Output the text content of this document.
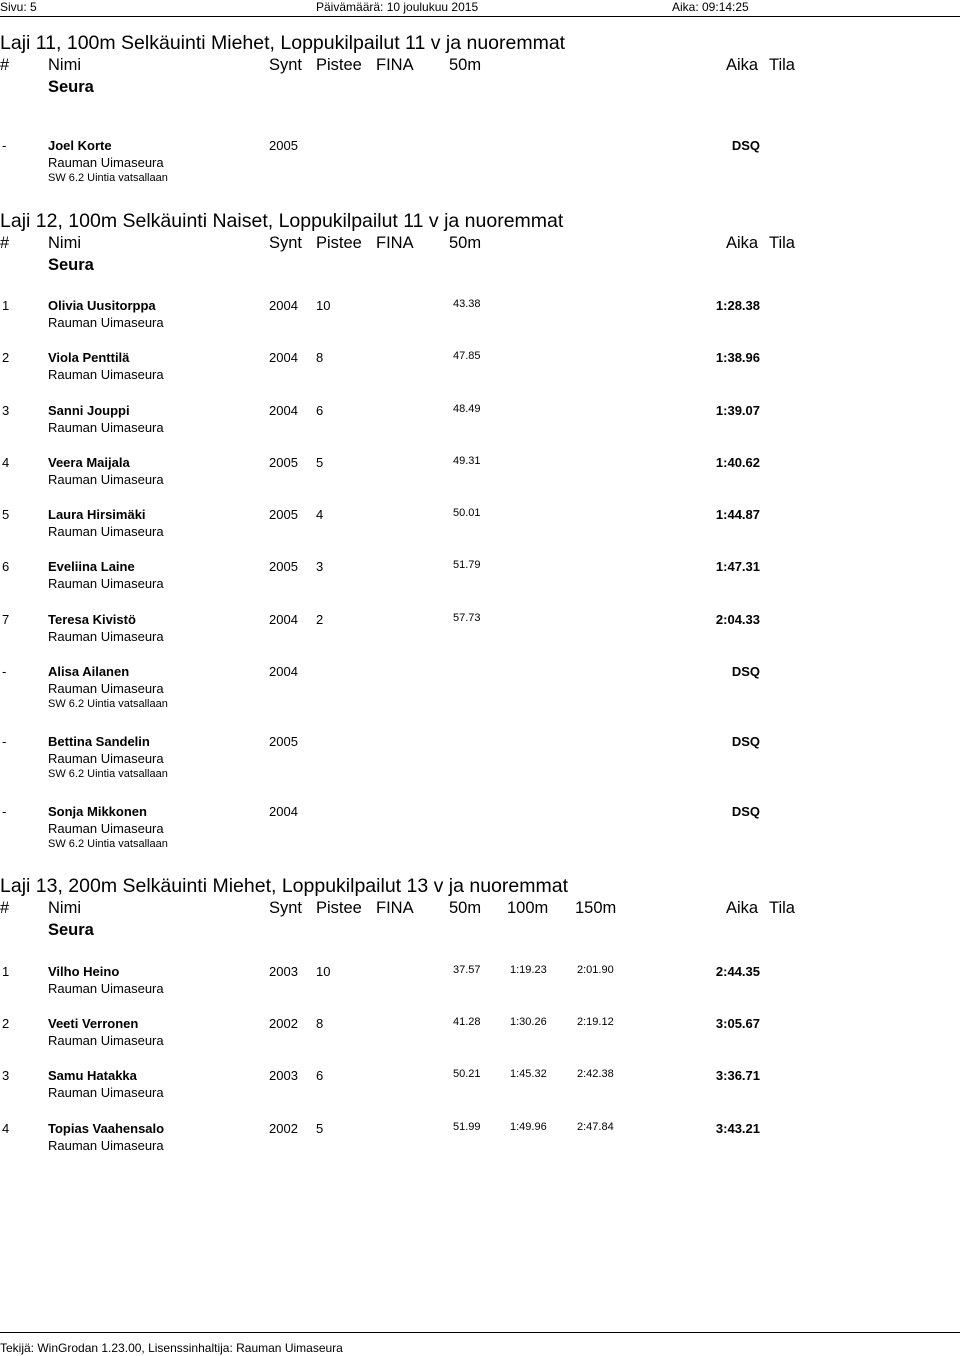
Sivu: 5	Päivämäärä: 10 joulukuu 2015	Aika: 09:14:25
Laji 11, 100m Selkäuinti Miehet, Loppukilpailut 11 v ja nuoremmat
# Nimi	Synt Pistee FINA 50m	Aika Tila
Seura
-	Joel Korte	2005	DSQ
Rauman Uimaseura
SW 6.2 Uintia vatsallaan
Laji 12, 100m Selkäuinti Naiset, Loppukilpailut 11 v ja nuoremmat
# Nimi	Synt Pistee FINA 50m	Aika Tila
Seura
1	Olivia Uusitorppa	2004 10	43.38	1:28.38
Rauman Uimaseura
2	Viola Penttilä	2004 8	47.85	1:38.96
Rauman Uimaseura
3	Sanni Jouppi	2004 6	48.49	1:39.07
Rauman Uimaseura
4	Veera Maijala	2005 5	49.31	1:40.62
Rauman Uimaseura
5	Laura Hirsimäki	2005 4	50.01	1:44.87
Rauman Uimaseura
6	Eveliina Laine	2005 3	51.79	1:47.31
Rauman Uimaseura
7	Teresa Kivistö	2004 2	57.73	2:04.33
Rauman Uimaseura
-	Alisa Ailanen	2004	DSQ
Rauman Uimaseura
SW 6.2 Uintia vatsallaan
-	Bettina Sandelin	2005	DSQ
Rauman Uimaseura
SW 6.2 Uintia vatsallaan
-	Sonja Mikkonen	2004	DSQ
Rauman Uimaseura
SW 6.2 Uintia vatsallaan
Laji 13, 200m Selkäuinti Miehet, Loppukilpailut 13 v ja nuoremmat
# Nimi	Synt Pistee FINA 50m 100m 150m	Aika Tila
Seura
1	Vilho Heino	2003 10	37.57	1:19.23	2:01.90	2:44.35
Rauman Uimaseura
2	Veeti Verronen	2002 8	41.28	1:30.26	2:19.12	3:05.67
Rauman Uimaseura
3	Samu Hatakka	2003 6	50.21	1:45.32	2:42.38	3:36.71
Rauman Uimaseura
4	Topias Vaahensalo	2002 5	51.99	1:49.96	2:47.84	3:43.21
Rauman Uimaseura
Tekijä: WinGrodan 1.23.00, Lisenssinhaltija: Rauman Uimaseura
